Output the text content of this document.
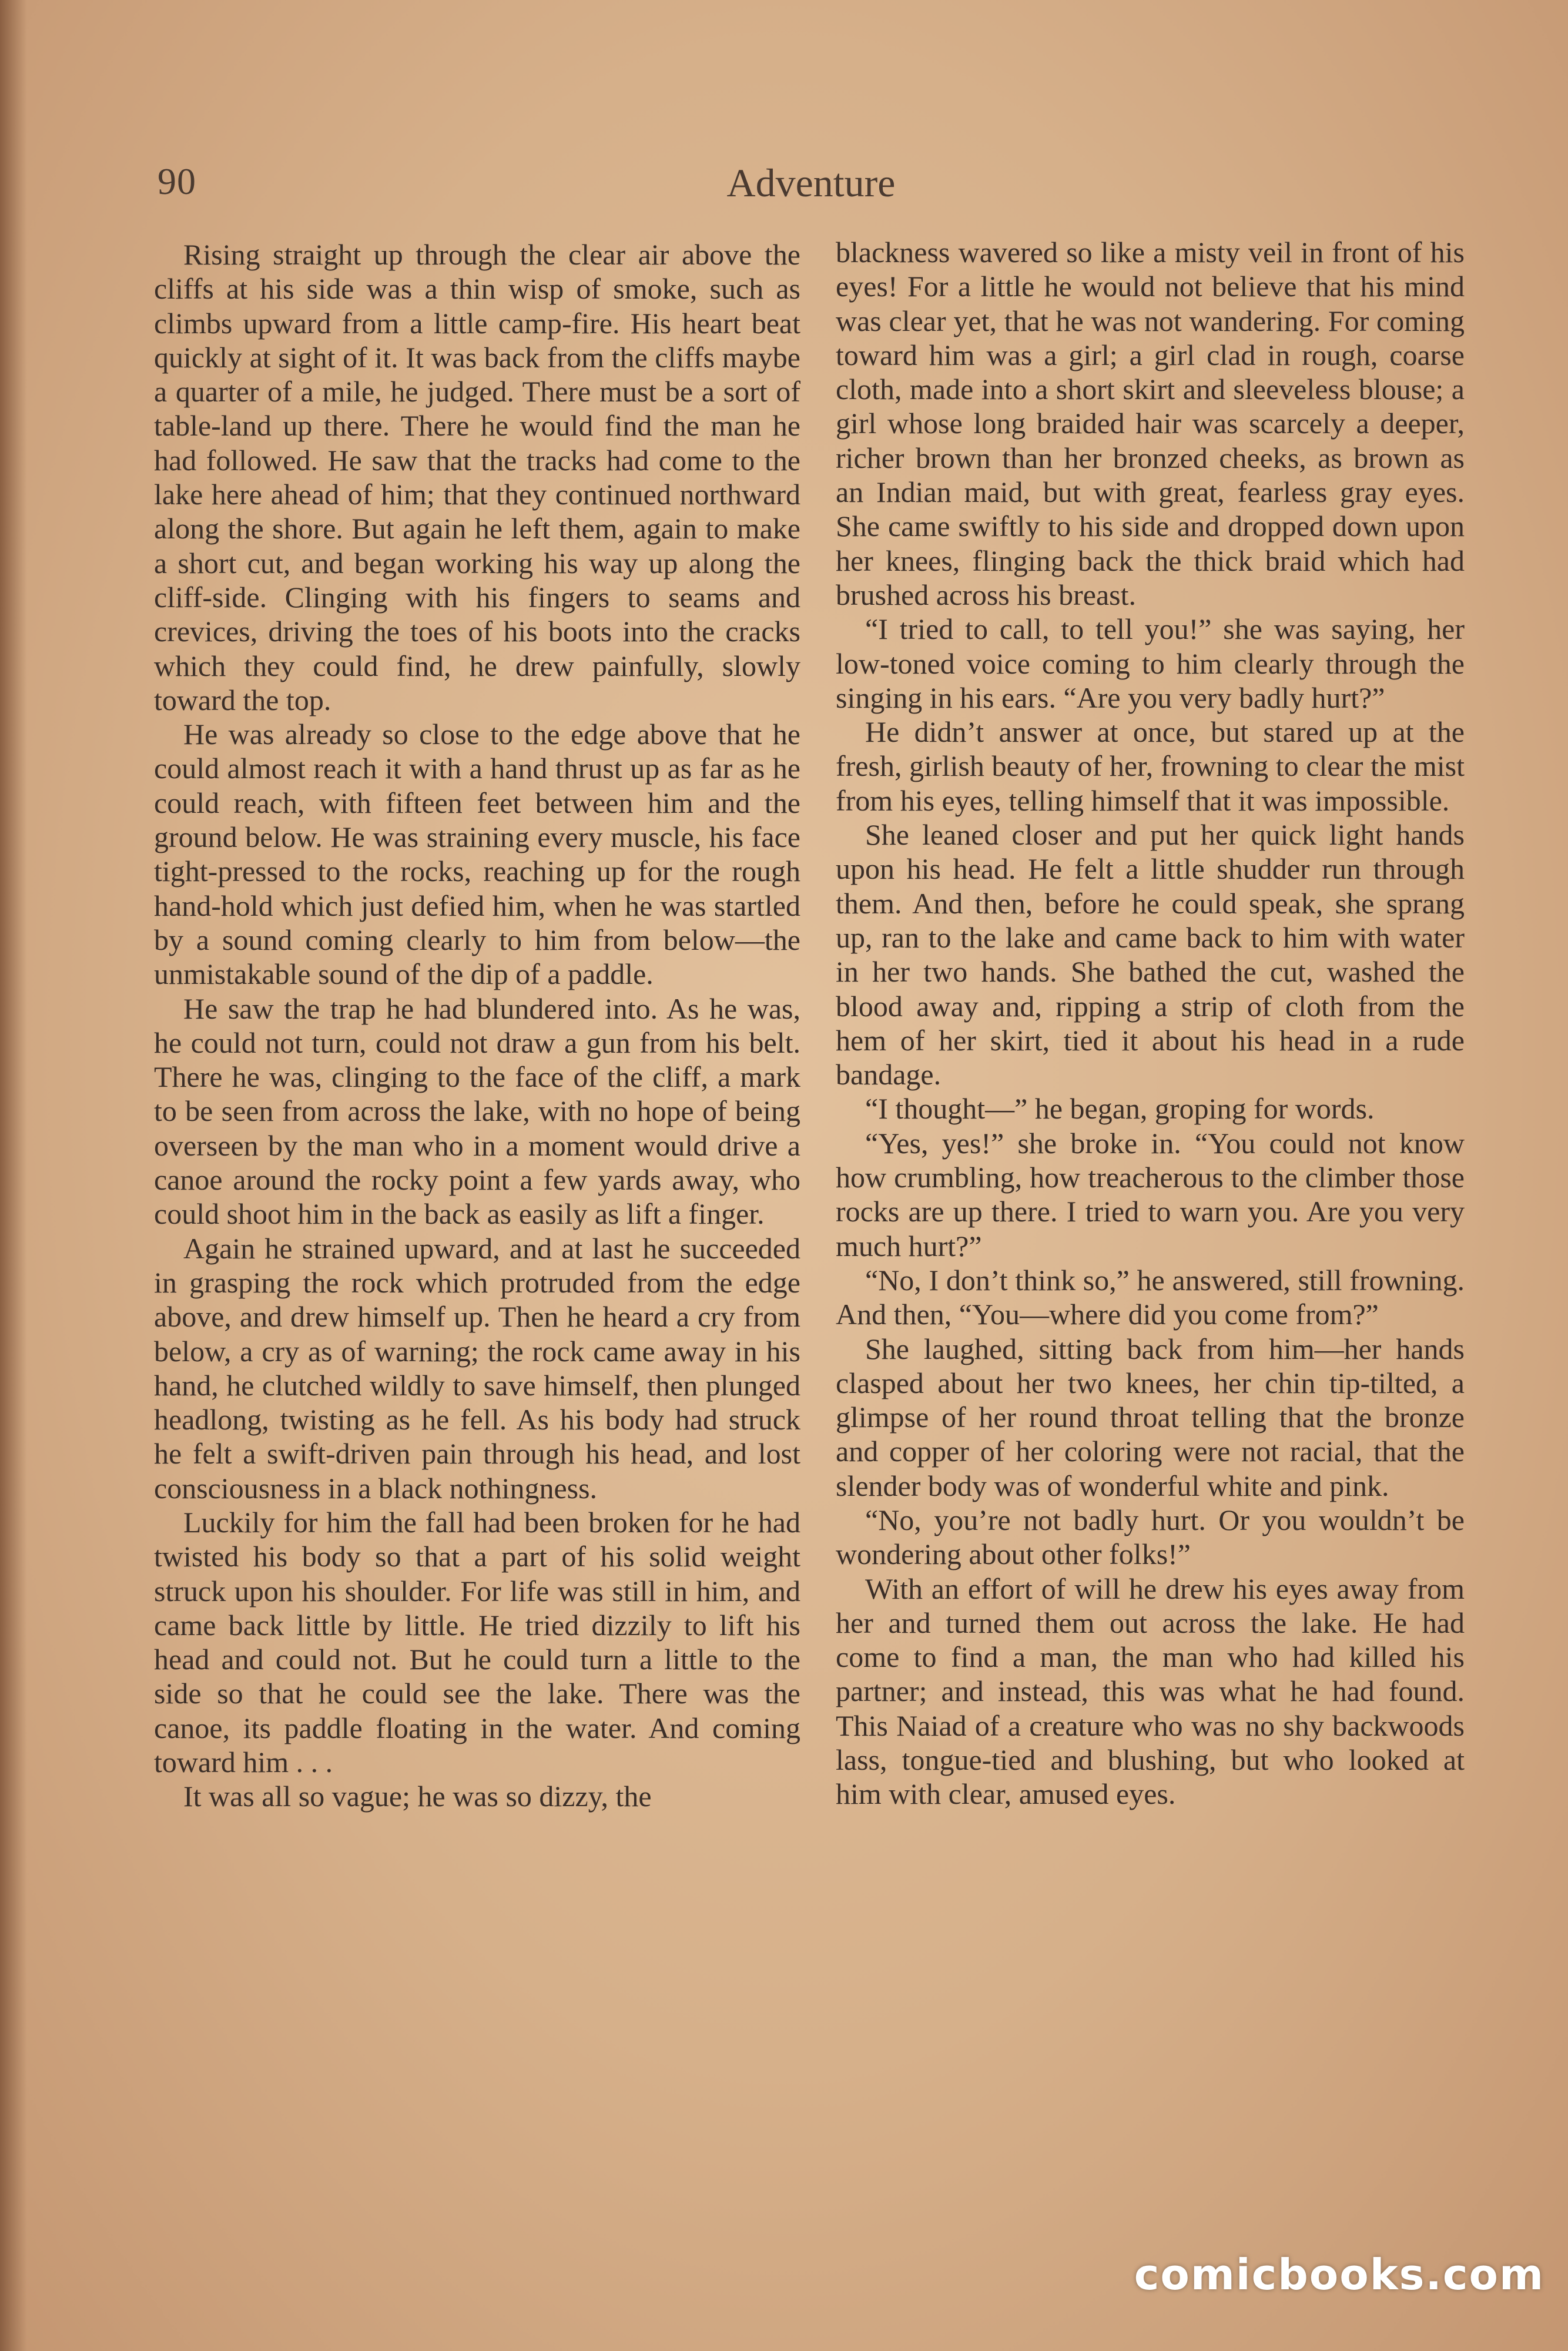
90	Adventure

Rising straight up through the clear air above the cliffs at his side was a thin wisp of smoke, such as climbs upward from a little camp-fire. His heart beat quickly at sight of it. It was back from the cliffs maybe a quarter of a mile, he judged. There must be a sort of table-land up there. There he would find the man he had followed. He saw that the tracks had come to the lake here ahead of him; that they continued northward along the shore. But again he left them, again to make a short cut, and began working his way up along the cliff-side. Clinging with his fingers to seams and crevices, driving the toes of his boots into the cracks which they could find, he drew painfully, slowly toward the top.

He was already so close to the edge above that he could almost reach it with a hand thrust up as far as he could reach, with fifteen feet between him and the ground below. He was straining every muscle, his face tight-pressed to the rocks, reaching up for the rough hand-hold which just defied him, when he was startled by a sound coming clearly to him from below—the unmistakable sound of the dip of a paddle.

He saw the trap he had blundered into. As he was, he could not turn, could not draw a gun from his belt. There he was, clinging to the face of the cliff, a mark to be seen from across the lake, with no hope of being overseen by the man who in a moment would drive a canoe around the rocky point a few yards away, who could shoot him in the back as easily as lift a finger.

Again he strained upward, and at last he succeeded in grasping the rock which protruded from the edge above, and drew himself up. Then he heard a cry from below, a cry as of warning; the rock came away in his hand, he clutched wildly to save himself, then plunged headlong, twisting as he fell. As his body had struck he felt a swift-driven pain through his head, and lost consciousness in a black nothingness.

Luckily for him the fall had been broken for he had twisted his body so that a part of his solid weight struck upon his shoulder. For life was still in him, and came back little by little. He tried dizzily to lift his head and could not. But he could turn a little to the side so that he could see the lake. There was the canoe, its paddle floating in the water. And coming toward him . . .

It was all so vague; he was so dizzy, the

blackness wavered so like a misty veil in front of his eyes! For a little he would not believe that his mind was clear yet, that he was not wandering. For coming toward him was a girl; a girl clad in rough, coarse cloth, made into a short skirt and sleeveless blouse; a girl whose long braided hair was scarcely a deeper, richer brown than her bronzed cheeks, as brown as an Indian maid, but with great, fearless gray eyes. She came swiftly to his side and dropped down upon her knees, flinging back the thick braid which had brushed across his breast.

“I tried to call, to tell you!” she was saying, her low-toned voice coming to him clearly through the singing in his ears. “Are you very badly hurt?”

He didn’t answer at once, but stared up at the fresh, girlish beauty of her, frowning to clear the mist from his eyes, telling himself that it was impossible.

She leaned closer and put her quick light hands upon his head. He felt a little shudder run through them. And then, before he could speak, she sprang up, ran to the lake and came back to him with water in her two hands. She bathed the cut, washed the blood away and, ripping a strip of cloth from the hem of her skirt, tied it about his head in a rude bandage.

“I thought—” he began, groping for words.

“Yes, yes!” she broke in. “You could not know how crumbling, how treacherous to the climber those rocks are up there. I tried to warn you. Are you very much hurt?”

“No, I don’t think so,” he answered, still frowning. And then, “You—where did you come from?”

She laughed, sitting back from him—her hands clasped about her two knees, her chin tip-tilted, a glimpse of her round throat telling that the bronze and copper of her coloring were not racial, that the slender body was of wonderful white and pink.

“No, you’re not badly hurt. Or you wouldn’t be wondering about other folks!”

With an effort of will he drew his eyes away from her and turned them out across the lake. He had come to find a man, the man who had killed his partner; and instead, this was what he had found. This Naiad of a creature who was no shy backwoods lass, tongue-tied and blushing, but who looked at him with clear, amused eyes.

comicbooks.com
